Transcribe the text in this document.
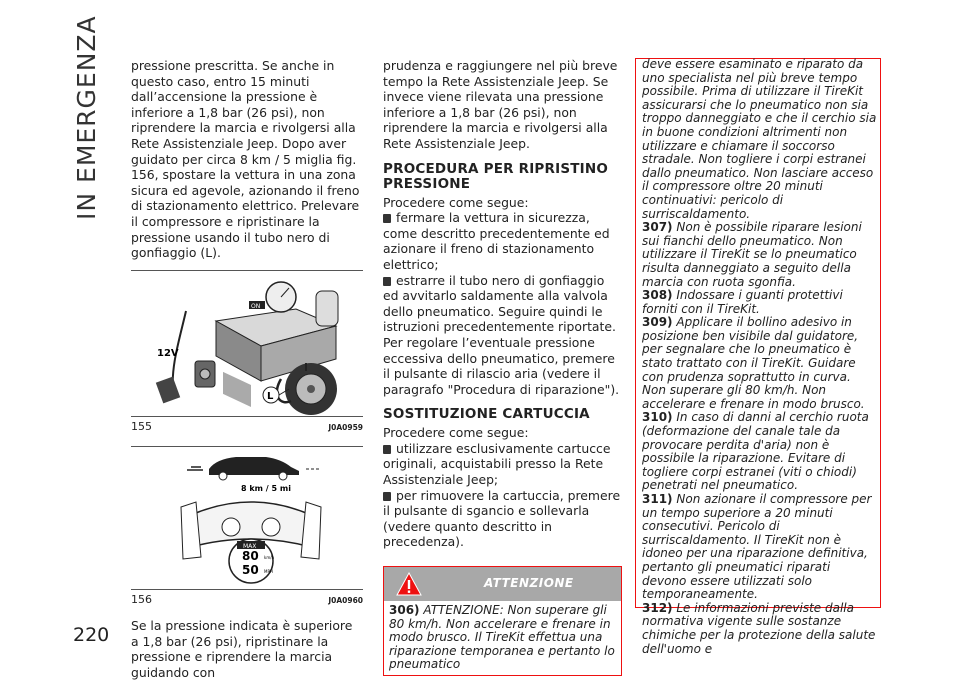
IN EMERGENZA
220

pressione prescritta. Se anche in questo caso, entro 15 minuti dall’accensione la pressione è inferiore a 1,8 bar (26 psi), non riprendere la marcia e rivolgersi alla Rete Assistenziale Jeep. Dopo aver guidato per circa 8 km / 5 miglia fig. 156, spostare la vettura in una zona sicura ed agevole, azionando il freno di stazionamento elettrico. Prelevare il compressore e ripristinare la pressione usando il tubo nero di gonfiaggio (L).

ON
12V
L
155	J0A0959
8 km / 5 mi
MAX
80 km/h
50 MPH
156	J0A0960

Se la pressione indicata è superiore a 1,8 bar (26 psi), ripristinare la pressione e riprendere la marcia guidando con

prudenza e raggiungere nel più breve tempo la Rete Assistenziale Jeep. Se invece viene rilevata una pressione inferiore a 1,8 bar (26 psi), non riprendere la marcia e rivolgersi alla Rete Assistenziale Jeep.

PROCEDURA PER RIPRISTINO PRESSIONE
Procedere come segue:
fermare la vettura in sicurezza, come descritto precedentemente ed azionare il freno di stazionamento elettrico;
estrarre il tubo nero di gonfiaggio ed avvitarlo saldamente alla valvola dello pneumatico. Seguire quindi le istruzioni precedentemente riportate. Per regolare l’eventuale pressione eccessiva dello pneumatico, premere il pulsante di rilascio aria (vedere il paragrafo "Procedura di riparazione").
SOSTITUZIONE CARTUCCIA
Procedere come segue:
utilizzare esclusivamente cartucce originali, acquistabili presso la Rete Assistenziale Jeep;
per rimuovere la cartuccia, premere il pulsante di sgancio e sollevarla (vedere quanto descritto in precedenza).
ATTENZIONE
306) ATTENZIONE: Non superare gli 80 km/h. Non accelerare e frenare in modo brusco. Il TireKit effettua una riparazione temporanea e pertanto lo pneumatico
deve essere esaminato e riparato da uno specialista nel più breve tempo possibile. Prima di utilizzare il TireKit assicurarsi che lo pneumatico non sia troppo danneggiato e che il cerchio sia in buone condizioni altrimenti non utilizzare e chiamare il soccorso stradale. Non togliere i corpi estranei dallo pneumatico. Non lasciare acceso il compressore oltre 20 minuti continuativi: pericolo di surriscaldamento.
307) Non è possibile riparare lesioni sui fianchi dello pneumatico. Non utilizzare il TireKit se lo pneumatico risulta danneggiato a seguito della marcia con ruota sgonfia.
308) Indossare i guanti protettivi forniti con il TireKit.
309) Applicare il bollino adesivo in posizione ben visibile dal guidatore, per segnalare che lo pneumatico è stato trattato con il TireKit. Guidare con prudenza soprattutto in curva. Non superare gli 80 km/h. Non accelerare e frenare in modo brusco.
310) In caso di danni al cerchio ruota (deformazione del canale tale da provocare perdita d'aria) non è possibile la riparazione. Evitare di togliere corpi estranei (viti o chiodi) penetrati nel pneumatico.
311) Non azionare il compressore per un tempo superiore a 20 minuti consecutivi. Pericolo di surriscaldamento. Il TireKit non è idoneo per una riparazione definitiva, pertanto gli pneumatici riparati devono essere utilizzati solo temporaneamente.
312) Le informazioni previste dalla normativa vigente sulle sostanze chimiche per la protezione della salute dell'uomo e
